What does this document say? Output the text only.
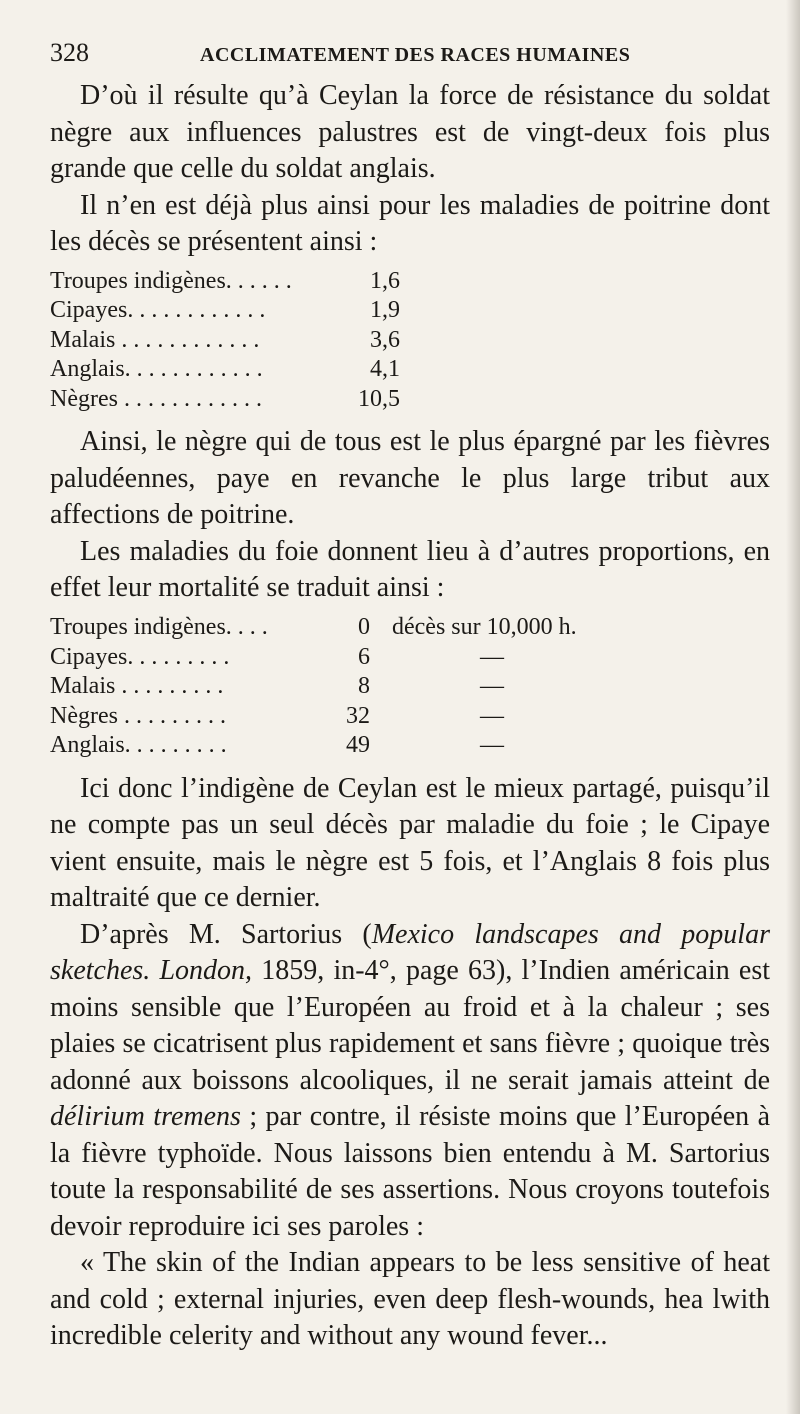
328	ACCLIMATEMENT DES RACES HUMAINES

D’où il résulte qu’à Ceylan la force de résistance du soldat nègre aux influences palustres est de vingt-deux fois plus grande que celle du soldat anglais.

Il n’en est déjà plus ainsi pour les maladies de poitrine dont les décès se présentent ainsi :

Troupes indigènes. . . . . .	1,6
Cipayes. . . . . . . . . . . .	1,9
Malais . . . . . . . . . . . .	3,6
Anglais. . . . . . . . . . . .	4,1
Nègres . . . . . . . . . . . .	10,5

Ainsi, le nègre qui de tous est le plus épargné par les fièvres paludéennes, paye en revanche le plus large tribut aux affections de poitrine.

Les maladies du foie donnent lieu à d’autres proportions, en effet leur mortalité se traduit ainsi :

Troupes indigènes. . . .	0	décès sur 10,000 h.
Cipayes. . . . . . . . .	6	—
Malais . . . . . . . . .	8	—
Nègres . . . . . . . . .	32	—
Anglais. . . . . . . . .	49	—

Ici donc l’indigène de Ceylan est le mieux partagé, puisqu’il ne compte pas un seul décès par maladie du foie ; le Cipaye vient ensuite, mais le nègre est 5 fois, et l’Anglais 8 fois plus maltraité que ce dernier.

D’après M. Sartorius (Mexico landscapes and popular sketches. London, 1859, in-4°, page 63), l’Indien américain est moins sensible que l’Européen au froid et à la chaleur ; ses plaies se cicatrisent plus rapidement et sans fièvre ; quoique très adonné aux boissons alcooliques, il ne serait jamais atteint de délirium tremens ; par contre, il résiste moins que l’Européen à la fièvre typhoïde. Nous laissons bien entendu à M. Sartorius toute la responsabilité de ses assertions. Nous croyons toutefois devoir reproduire ici ses paroles :

« The skin of the Indian appears to be less sensitive of heat and cold ; external injuries, even deep flesh-wounds, hea lwith incredible celerity and without any wound fever...
